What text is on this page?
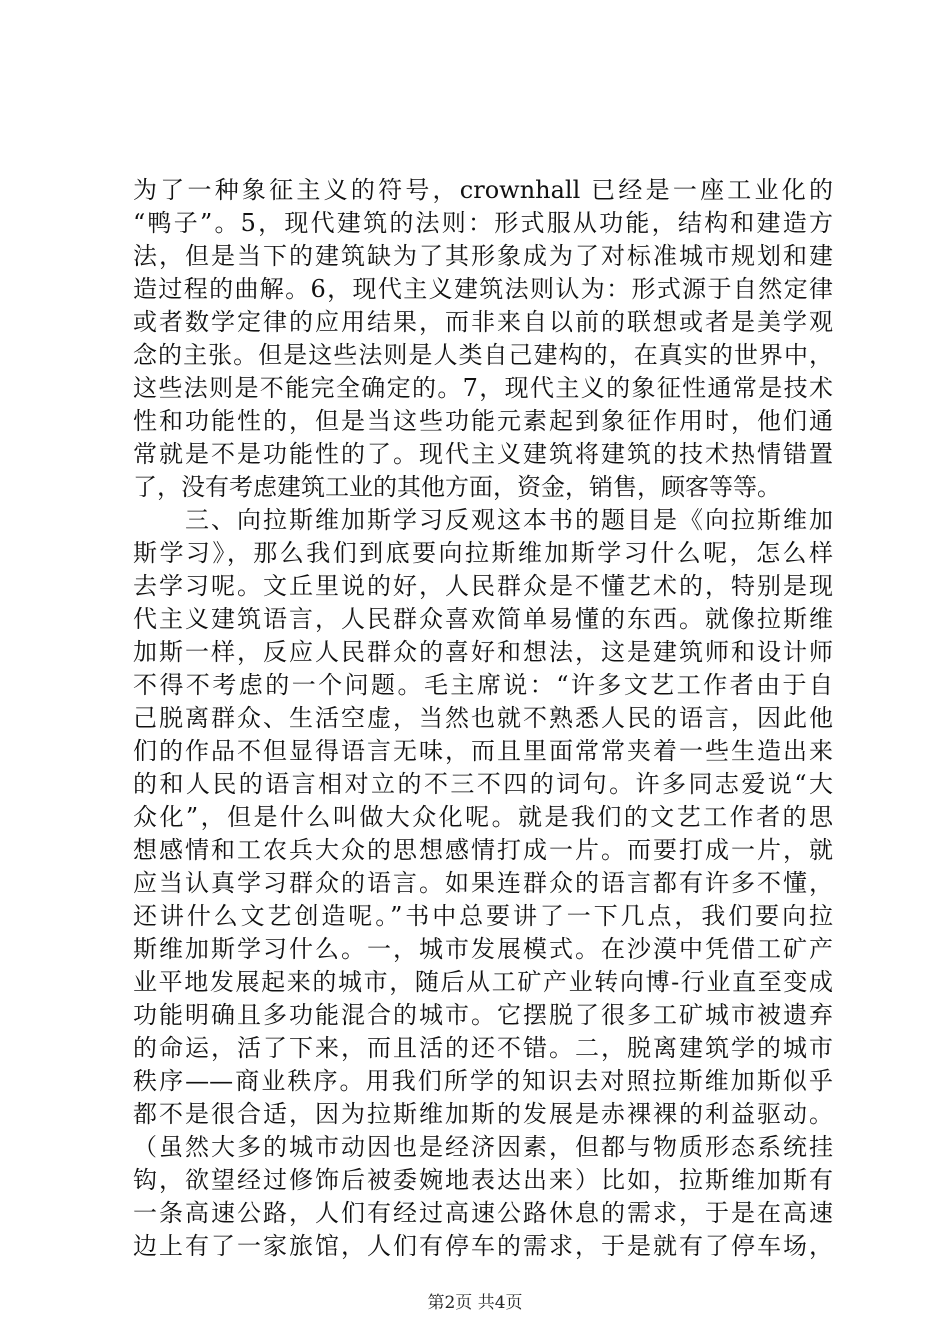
为了一种象征主义的符号，crownhall 已经是一座工业化的
“鸭子”。5，现代建筑的法则：形式服从功能，结构和建造方
法，但是当下的建筑缺为了其形象成为了对标准城市规划和建
造过程的曲解。6，现代主义建筑法则认为：形式源于自然定律
或者数学定律的应用结果，而非来自以前的联想或者是美学观
念的主张。但是这些法则是人类自己建构的，在真实的世界中，
这些法则是不能完全确定的。7，现代主义的象征性通常是技术
性和功能性的，但是当这些功能元素起到象征作用时，他们通
常就是不是功能性的了。现代主义建筑将建筑的技术热情错置
了，没有考虑建筑工业的其他方面，资金，销售，顾客等等。
　　三、向拉斯维加斯学习反观这本书的题目是《向拉斯维加
斯学习》，那么我们到底要向拉斯维加斯学习什么呢，怎么样
去学习呢。文丘里说的好，人民群众是不懂艺术的，特别是现
代主义建筑语言，人民群众喜欢简单易懂的东西。就像拉斯维
加斯一样，反应人民群众的喜好和想法，这是建筑师和设计师
不得不考虑的一个问题。毛主席说：“许多文艺工作者由于自
己脱离群众、生活空虚，当然也就不熟悉人民的语言，因此他
们的作品不但显得语言无味，而且里面常常夹着一些生造出来
的和人民的语言相对立的不三不四的词句。许多同志爱说“大
众化”，但是什么叫做大众化呢。就是我们的文艺工作者的思
想感情和工农兵大众的思想感情打成一片。而要打成一片，就
应当认真学习群众的语言。如果连群众的语言都有许多不懂，
还讲什么文艺创造呢。”书中总要讲了一下几点，我们要向拉
斯维加斯学习什么。一，城市发展模式。在沙漠中凭借工矿产
业平地发展起来的城市，随后从工矿产业转向博-行业直至变成
功能明确且多功能混合的城市。它摆脱了很多工矿城市被遗弃
的命运，活了下来，而且活的还不错。二，脱离建筑学的城市
秩序——商业秩序。用我们所学的知识去对照拉斯维加斯似乎
都不是很合适，因为拉斯维加斯的发展是赤裸裸的利益驱动。
（虽然大多的城市动因也是经济因素，但都与物质形态系统挂
钩，欲望经过修饰后被委婉地表达出来）比如，拉斯维加斯有
一条高速公路，人们有经过高速公路休息的需求，于是在高速
边上有了一家旅馆，人们有停车的需求，于是就有了停车场，
第2页 共4页
